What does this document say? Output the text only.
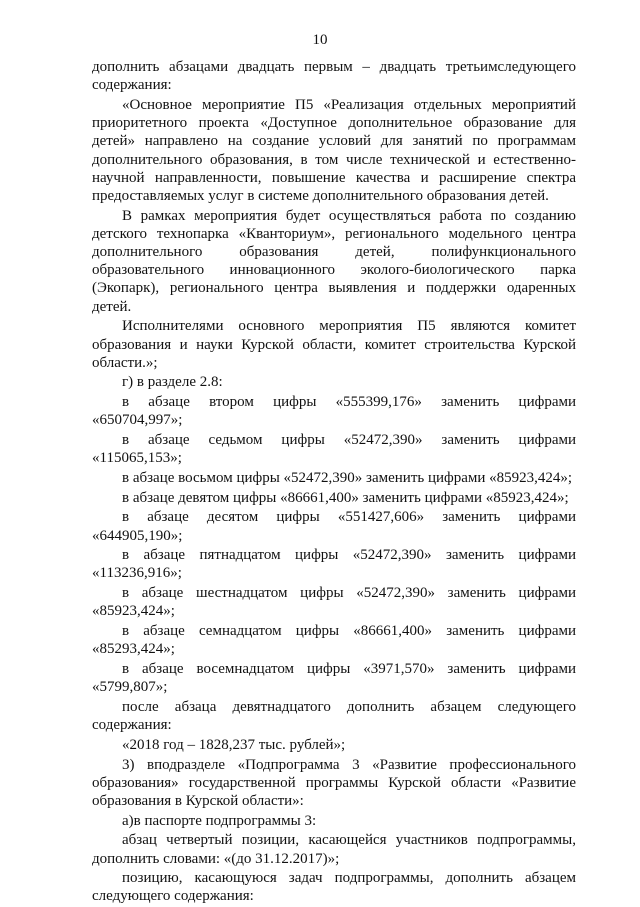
10

дополнить абзацами двадцать первым – двадцать третьимследующего содержания:

«Основное мероприятие П5 «Реализация отдельных мероприятий приоритетного проекта «Доступное дополнительное образование для детей» направлено на создание условий для занятий по программам дополнительного образования, в том числе технической и естественно-научной направленности, повышение качества и расширение спектра предоставляемых услуг в системе дополнительного образования детей.

В рамках мероприятия будет осуществляться работа по созданию детского технопарка «Кванториум», регионального модельного центра дополнительного образования детей, полифункционального образовательного инновационного эколого-биологического парка (Экопарк), регионального центра выявления и поддержки одаренных детей.

Исполнителями основного мероприятия П5 являются комитет образования и науки Курской области, комитет строительства Курской области.»;

г) в разделе 2.8:

в абзаце втором цифры «555399,176» заменить цифрами «650704,997»;

в абзаце седьмом цифры «52472,390» заменить цифрами «115065,153»;

в абзаце восьмом цифры «52472,390» заменить цифрами «85923,424»;

в абзаце девятом цифры «86661,400» заменить цифрами «85923,424»;

в абзаце десятом цифры «551427,606» заменить цифрами «644905,190»;

в абзаце пятнадцатом цифры «52472,390» заменить цифрами «113236,916»;

в абзаце шестнадцатом цифры «52472,390» заменить цифрами «85923,424»;

в абзаце семнадцатом цифры «86661,400» заменить цифрами «85293,424»;

в абзаце восемнадцатом цифры «3971,570» заменить цифрами «5799,807»;

после абзаца девятнадцатого дополнить абзацем следующего содержания:

«2018 год – 1828,237 тыс. рублей»;

3) вподразделе «Подпрограмма 3 «Развитие профессионального образования» государственной программы Курской области «Развитие образования в Курской области»:

а)в паспорте подпрограммы 3:

абзац четвертый позиции, касающейся участников подпрограммы, дополнить словами: «(до 31.12.2017)»;

позицию, касающуюся задач подпрограммы, дополнить абзацем следующего содержания:
